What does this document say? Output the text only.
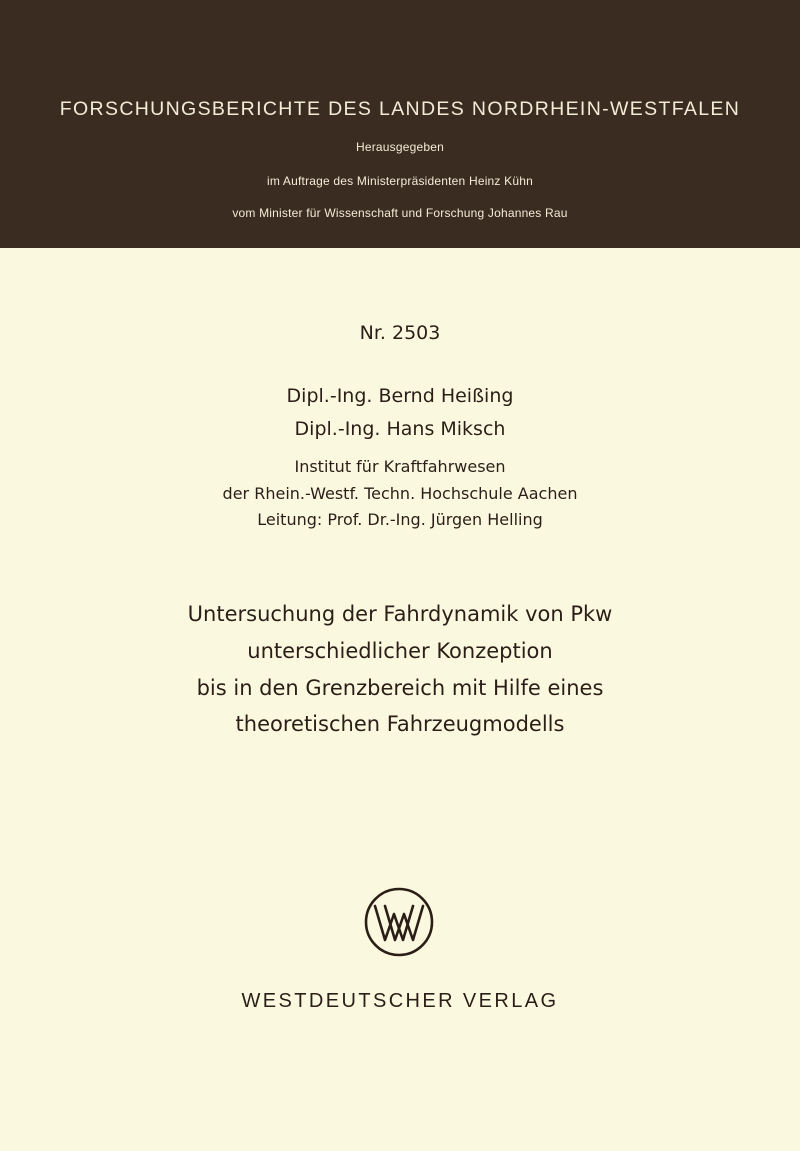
FORSCHUNGSBERICHTE DES LANDES NORDRHEIN-WESTFALEN
Herausgegeben
im Auftrage des Ministerpräsidenten Heinz Kühn
vom Minister für Wissenschaft und Forschung Johannes Rau
Nr. 2503
Dipl.-Ing. Bernd Heißing
Dipl.-Ing. Hans Miksch
Institut für Kraftfahrwesen
der Rhein.-Westf. Techn. Hochschule Aachen
Leitung: Prof. Dr.-Ing. Jürgen Helling
Untersuchung der Fahrdynamik von Pkw
unterschiedlicher Konzeption
bis in den Grenzbereich mit Hilfe eines
theoretischen Fahrzeugmodells
WESTDEUTSCHER VERLAG
